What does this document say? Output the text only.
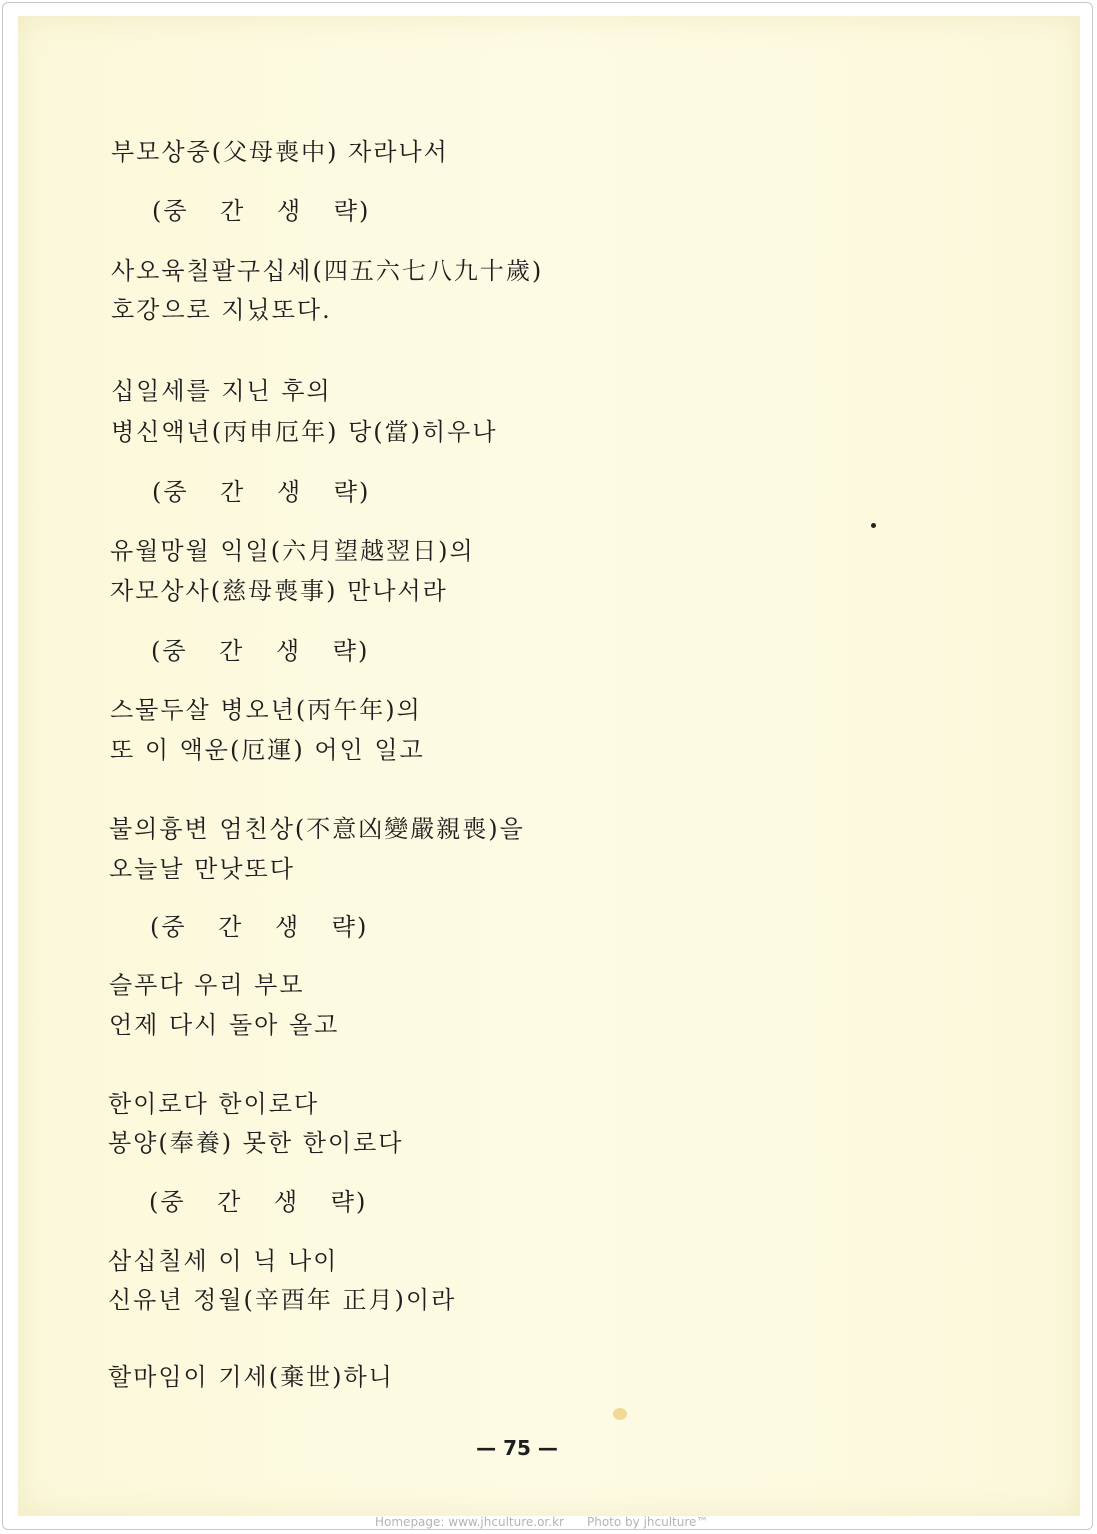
부모상중(父母喪中) 자라나서
(중 간 생 략)
사오육칠팔구십세(四五六七八九十歲)
호강으로 지닜또다.
십일세를 지닌 후의
병신액년(丙申厄年) 당(當)히우나
(중 간 생 략)
유월망월 익일(六月望越翌日)의
자모상사(慈母喪事) 만나서라
(중 간 생 략)
스물두살 병오년(丙午年)의
또 이 액운(厄運) 어인 일고
불의흉변 엄친상(不意凶變嚴親喪)을
오늘날 만낫또다
(중 간 생 략)
슬푸다 우리 부모
언제 다시 돌아 올고
한이로다 한이로다
봉양(奉養) 못한 한이로다
(중 간 생 략)
삼십칠세 이 닉 나이
신유년 정월(辛酉年 正月)이라
할마임이 기세(棄世)하니
— 75 —
Homepage: www.jhculture.or.kr Photo by jhculture™
